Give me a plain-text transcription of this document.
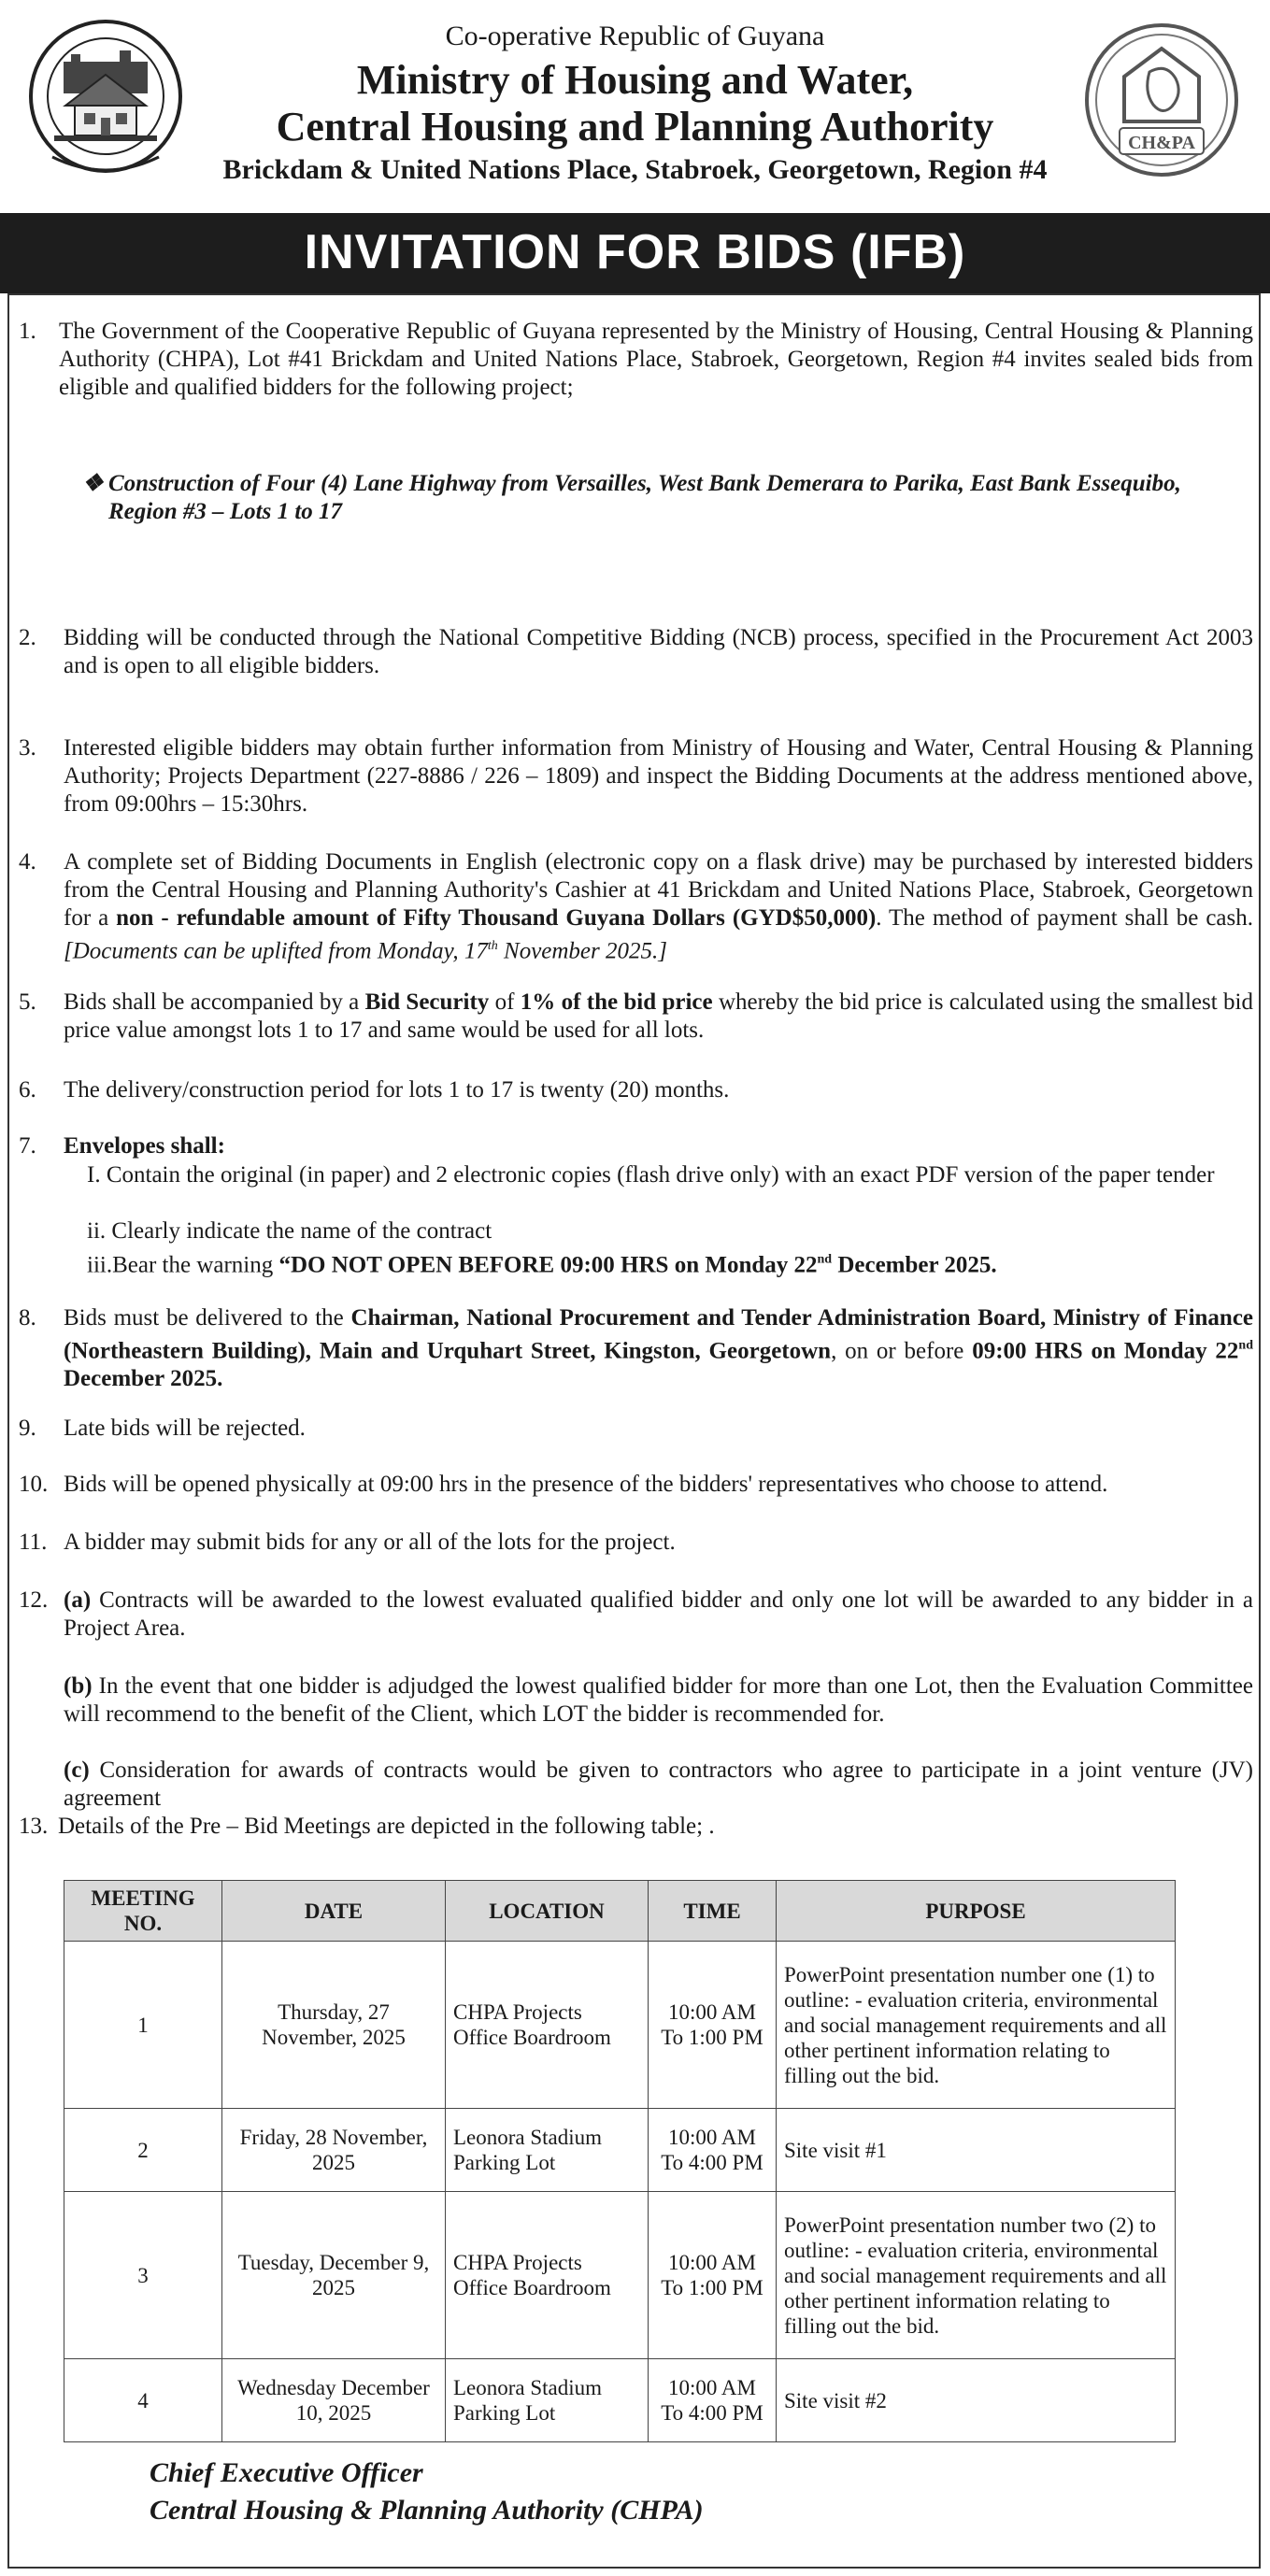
Co-operative Republic of Guyana
Ministry of Housing and Water,
Central Housing and Planning Authority
Brickdam & United Nations Place, Stabroek, Georgetown, Region #4
CH&PA
INVITATION FOR BIDS (IFB)
1. The Government of the Cooperative Republic of Guyana represented by the Ministry of Housing, Central Housing & Planning Authority (CHPA), Lot #41 Brickdam and United Nations Place, Stabroek, Georgetown, Region #4 invites sealed bids from eligible and qualified bidders for the following project;
❖ Construction of Four (4) Lane Highway from Versailles, West Bank Demerara to Parika, East Bank Essequibo, Region #3 – Lots 1 to 17
2. Bidding will be conducted through the National Competitive Bidding (NCB) process, specified in the Procurement Act 2003 and is open to all eligible bidders.
3. Interested eligible bidders may obtain further information from Ministry of Housing and Water, Central Housing & Planning Authority; Projects Department (227-8886 / 226 – 1809) and inspect the Bidding Documents at the address mentioned above, from 09:00hrs – 15:30hrs.
4. A complete set of Bidding Documents in English (electronic copy on a flask drive) may be purchased by interested bidders from the Central Housing and Planning Authority's Cashier at 41 Brickdam and United Nations Place, Stabroek, Georgetown for a non - refundable amount of Fifty Thousand Guyana Dollars (GYD$50,000). The method of payment shall be cash. [Documents can be uplifted from Monday, 17th November 2025.]
5. Bids shall be accompanied by a Bid Security of 1% of the bid price whereby the bid price is calculated using the smallest bid price value amongst lots 1 to 17 and same would be used for all lots.
6. The delivery/construction period for lots 1 to 17 is twenty (20) months.
7. Envelopes shall:
I. Contain the original (in paper) and 2 electronic copies (flash drive only) with an exact PDF version of the paper tender
ii. Clearly indicate the name of the contract
iii.Bear the warning “DO NOT OPEN BEFORE 09:00 HRS on Monday 22nd December 2025.
8. Bids must be delivered to the Chairman, National Procurement and Tender Administration Board, Ministry of Finance (Northeastern Building), Main and Urquhart Street, Kingston, Georgetown, on or before 09:00 HRS on Monday 22nd December 2025.
9. Late bids will be rejected.
10. Bids will be opened physically at 09:00 hrs in the presence of the bidders' representatives who choose to attend.
11. A bidder may submit bids for any or all of the lots for the project.
12. (a) Contracts will be awarded to the lowest evaluated qualified bidder and only one lot will be awarded to any bidder in a Project Area.
(b) In the event that one bidder is adjudged the lowest qualified bidder for more than one Lot, then the Evaluation Committee will recommend to the benefit of the Client, which LOT the bidder is recommended for.
(c) Consideration for awards of contracts would be given to contractors who agree to participate in a joint venture (JV) agreement
13. Details of the Pre – Bid Meetings are depicted in the following table; .
MEETING NO.	DATE	LOCATION	TIME	PURPOSE
1	Thursday, 27 November, 2025	CHPA Projects Office Boardroom	10:00 AM To 1:00 PM	PowerPoint presentation number one (1) to outline: - evaluation criteria, environmental and social management requirements and all other pertinent information relating to filling out the bid.
2	Friday, 28 November, 2025	Leonora Stadium Parking Lot	10:00 AM To 4:00 PM	Site visit #1
3	Tuesday, December 9, 2025	CHPA Projects Office Boardroom	10:00 AM To 1:00 PM	PowerPoint presentation number two (2) to outline: - evaluation criteria, environmental and social management requirements and all other pertinent information relating to filling out the bid.
4	Wednesday December 10, 2025	Leonora Stadium Parking Lot	10:00 AM To 4:00 PM	Site visit #2
Chief Executive Officer
Central Housing & Planning Authority (CHPA)
